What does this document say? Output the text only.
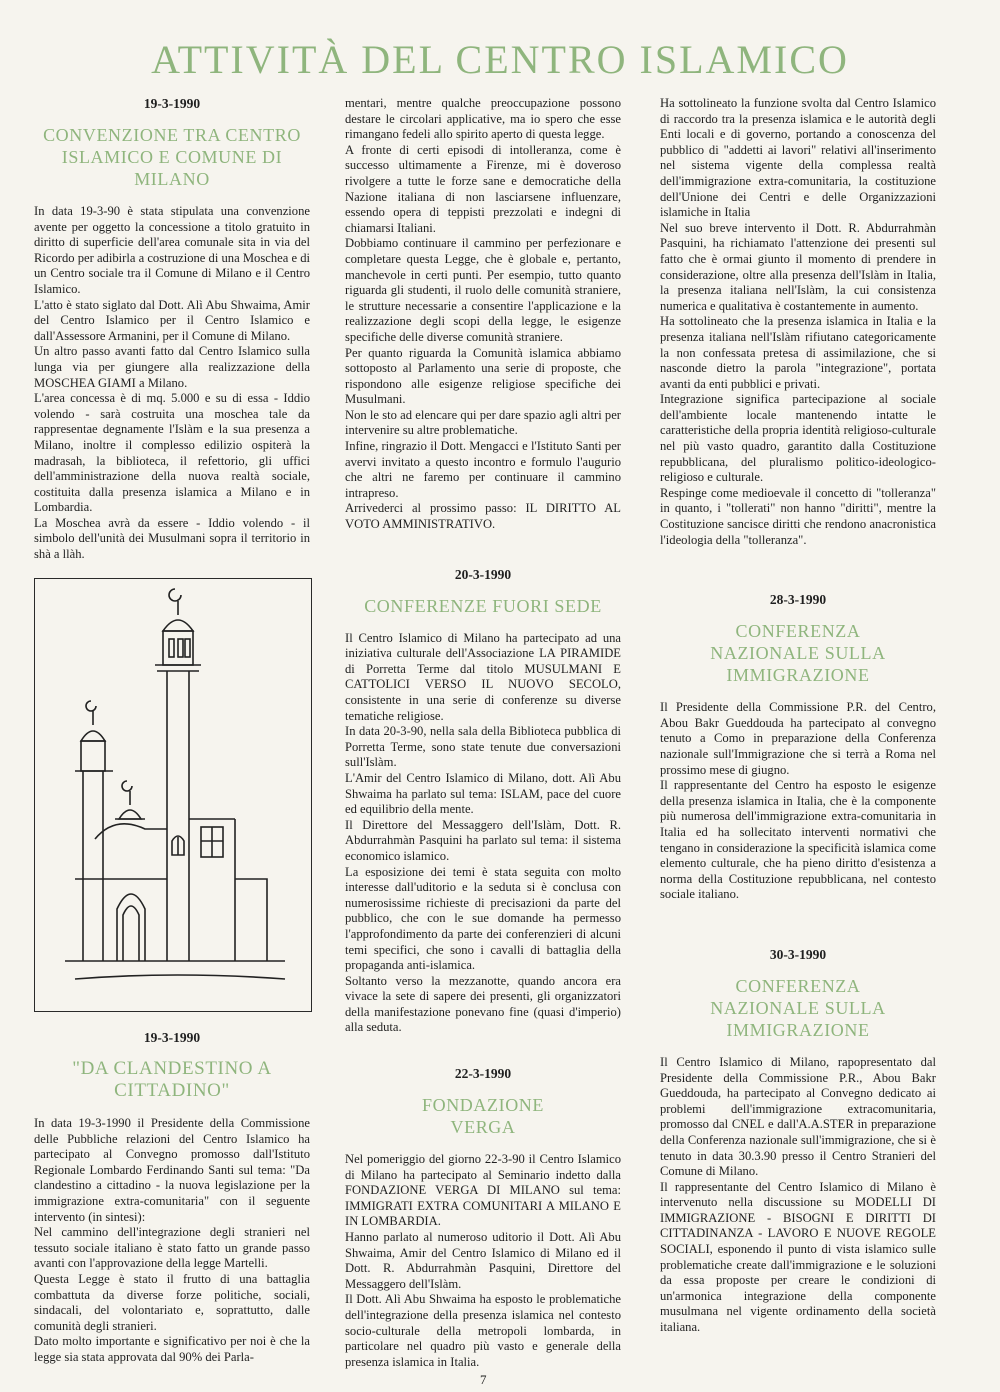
ATTIVITÀ DEL CENTRO ISLAMICO
19-3-1990
CONVENZIONE TRA CENTRO ISLAMICO E COMUNE DI MILANO

In data 19-3-90 è stata stipulata una convenzione avente per oggetto la concessione a titolo gratuito in diritto di superficie dell'area comunale sita in via del Ricordo per adibirla a costruzione di una Moschea e di un Centro sociale tra il Comune di Milano e il Centro Islamico.

L'atto è stato siglato dal Dott. Alì Abu Shwaima, Amir del Centro Islamico per il Centro Islamico e dall'Assessore Armanini, per il Comune di Milano.

Un altro passo avanti fatto dal Centro Islamico sulla lunga via per giungere alla realizzazione della MOSCHEA GIAMI a Milano.

L'area concessa è di mq. 5.000 e su di essa - Iddio volendo - sarà costruita una moschea tale da rappresentae degnamente l'Islàm e la sua presenza a Milano, inoltre il complesso edilizio ospiterà la madrasah, la biblioteca, il refettorio, gli uffici dell'amministrazione della nuova realtà sociale, costituita dalla presenza islamica a Milano e in Lombardia.

La Moschea avrà da essere - Iddio volendo - il simbolo dell'unità dei Musulmani sopra il territorio in shà a llàh.

19-3-1990
"DA CLANDESTINO A CITTADINO"

In data 19-3-1990 il Presidente della Commissione delle Pubbliche relazioni del Centro Islamico ha partecipato al Convegno promosso dall'Istituto Regionale Lombardo Ferdinando Santi sul tema: "Da clandestino a cittadino - la nuova legislazione per la immigrazione extra-comunitaria" con il seguente intervento (in sintesi):

Nel cammino dell'integrazione degli stranieri nel tessuto sociale italiano è stato fatto un grande passo avanti con l'approvazione della legge Martelli.

Questa Legge è stato il frutto di una battaglia combattuta da diverse forze politiche, sociali, sindacali, del volontariato e, soprattutto, dalle comunità degli stranieri.

Dato molto importante e significativo per noi è che la legge sia stata approvata dal 90% dei Parla-

mentari, mentre qualche preoccupazione possono destare le circolari applicative, ma io spero che esse rimangano fedeli allo spirito aperto di questa legge.

A fronte di certi episodi di intolleranza, come è successo ultimamente a Firenze, mi è doveroso rivolgere a tutte le forze sane e democratiche della Nazione italiana di non lasciarsene influenzare, essendo opera di teppisti prezzolati e indegni di chiamarsi Italiani.

Dobbiamo continuare il cammino per perfezionare e completare questa Legge, che è globale e, pertanto, manchevole in certi punti. Per esempio, tutto quanto riguarda gli studenti, il ruolo delle comunità straniere, le strutture necessarie a consentire l'applicazione e la realizzazione degli scopi della legge, le esigenze specifiche delle diverse comunità straniere.

Per quanto riguarda la Comunità islamica abbiamo sottoposto al Parlamento una serie di proposte, che rispondono alle esigenze religiose specifiche dei Musulmani.

Non le sto ad elencare qui per dare spazio agli altri per intervenire su altre problematiche.

Infine, ringrazio il Dott. Mengacci e l'Istituto Santi per avervi invitato a questo incontro e formulo l'augurio che altri ne faremo per continuare il cammino intrapreso.

Arrivederci al prossimo passo: IL DIRITTO AL VOTO AMMINISTRATIVO.

20-3-1990
CONFERENZE FUORI SEDE

Il Centro Islamico di Milano ha partecipato ad una iniziativa culturale dell'Associazione LA PIRAMIDE di Porretta Terme dal titolo MUSULMANI E CATTOLICI VERSO IL NUOVO SECOLO, consistente in una serie di conferenze su diverse tematiche religiose.

In data 20-3-90, nella sala della Biblioteca pubblica di Porretta Terme, sono state tenute due conversazioni sull'Islàm.

L'Amir del Centro Islamico di Milano, dott. Alì Abu Shwaima ha parlato sul tema: ISLAM, pace del cuore ed equilibrio della mente.

Il Direttore del Messaggero dell'Islàm, Dott. R. Abdurrahmàn Pasquini ha parlato sul tema: il sistema economico islamico.

La esposizione dei temi è stata seguita con molto interesse dall'uditorio e la seduta si è conclusa con numerosissime richieste di precisazioni da parte del pubblico, che con le sue domande ha permesso l'approfondimento da parte dei conferenzieri di alcuni temi specifici, che sono i cavalli di battaglia della propaganda anti-islamica.

Soltanto verso la mezzanotte, quando ancora era vivace la sete di sapere dei presenti, gli organizzatori della manifestazione ponevano fine (quasi d'imperio) alla seduta.

22-3-1990
FONDAZIONE VERGA

Nel pomeriggio del giorno 22-3-90 il Centro Islamico di Milano ha partecipato al Seminario indetto dalla FONDAZIONE VERGA DI MILANO sul tema: IMMIGRATI EXTRA COMUNITARI A MILANO E IN LOMBARDIA.

Hanno parlato al numeroso uditorio il Dott. Alì Abu Shwaima, Amir del Centro Islamico di Milano ed il Dott. R. Abdurrahmàn Pasquini, Direttore del Messaggero dell'Islàm.

Il Dott. Alì Abu Shwaima ha esposto le problematiche dell'integrazione della presenza islamica nel contesto socio-culturale della metropoli lombarda, in particolare nel quadro più vasto e generale della presenza islamica in Italia.

Ha sottolineato la funzione svolta dal Centro Islamico di raccordo tra la presenza islamica e le autorità degli Enti locali e di governo, portando a conoscenza del pubblico di "addetti ai lavori" relativi all'inserimento nel sistema vigente della complessa realtà dell'immigrazione extra-comunitaria, la costituzione dell'Unione dei Centri e delle Organizzazioni islamiche in Italia

Nel suo breve intervento il Dott. R. Abdurrahmàn Pasquini, ha richiamato l'attenzione dei presenti sul fatto che è ormai giunto il momento di prendere in considerazione, oltre alla presenza dell'Islàm in Italia, la presenza italiana nell'Islàm, la cui consistenza numerica e qualitativa è costantemente in aumento.

Ha sottolineato che la presenza islamica in Italia e la presenza italiana nell'Islàm rifiutano categoricamente la non confessata pretesa di assimilazione, che si nasconde dietro la parola "integrazione", portata avanti da enti pubblici e privati.

Integrazione significa partecipazione al sociale dell'ambiente locale mantenendo intatte le caratteristiche della propria identità religioso-culturale nel più vasto quadro, garantito dalla Costituzione repubblicana, del pluralismo politico-ideologico-religioso e culturale.

Respinge come medioevale il concetto di "tolleranza" in quanto, i "tollerati" non hanno "diritti", mentre la Costituzione sancisce diritti che rendono anacronistica l'ideologia della "tolleranza".

28-3-1990
CONFERENZA NAZIONALE SULLA IMMIGRAZIONE

Il Presidente della Commissione P.R. del Centro, Abou Bakr Gueddouda ha partecipato al convegno tenuto a Como in preparazione della Conferenza nazionale sull'Immigrazione che si terrà a Roma nel prossimo mese di giugno.

Il rappresentante del Centro ha esposto le esigenze della presenza islamica in Italia, che è la componente più numerosa dell'immigrazione extra-comunitaria in Italia ed ha sollecitato interventi normativi che tengano in considerazione la specificità islamica come elemento culturale, che ha pieno diritto d'esistenza a norma della Costituzione repubblicana, nel contesto sociale italiano.

30-3-1990
CONFERENZA NAZIONALE SULLA IMMIGRAZIONE

Il Centro Islamico di Milano, rapopresentato dal Presidente della Commissione P.R., Abou Bakr Gueddouda, ha partecipato al Convegno dedicato ai problemi dell'immigrazione extracomunitaria, promosso dal CNEL e dall'A.A.STER in preparazione della Conferenza nazionale sull'immigrazione, che si è tenuto in data 30.3.90 presso il Centro Stranieri del Comune di Milano.

Il rappresentante del Centro Islamico di Milano è intervenuto nella discussione su MODELLI DI IMMIGRAZIONE - BISOGNI E DIRITTI DI CITTADINANZA - LAVORO E NUOVE REGOLE SOCIALI, esponendo il punto di vista islamico sulle problematiche create dall'immigrazione e le soluzioni da essa proposte per creare le condizioni di un'armonica integrazione della componente musulmana nel vigente ordinamento della società italiana.

7
